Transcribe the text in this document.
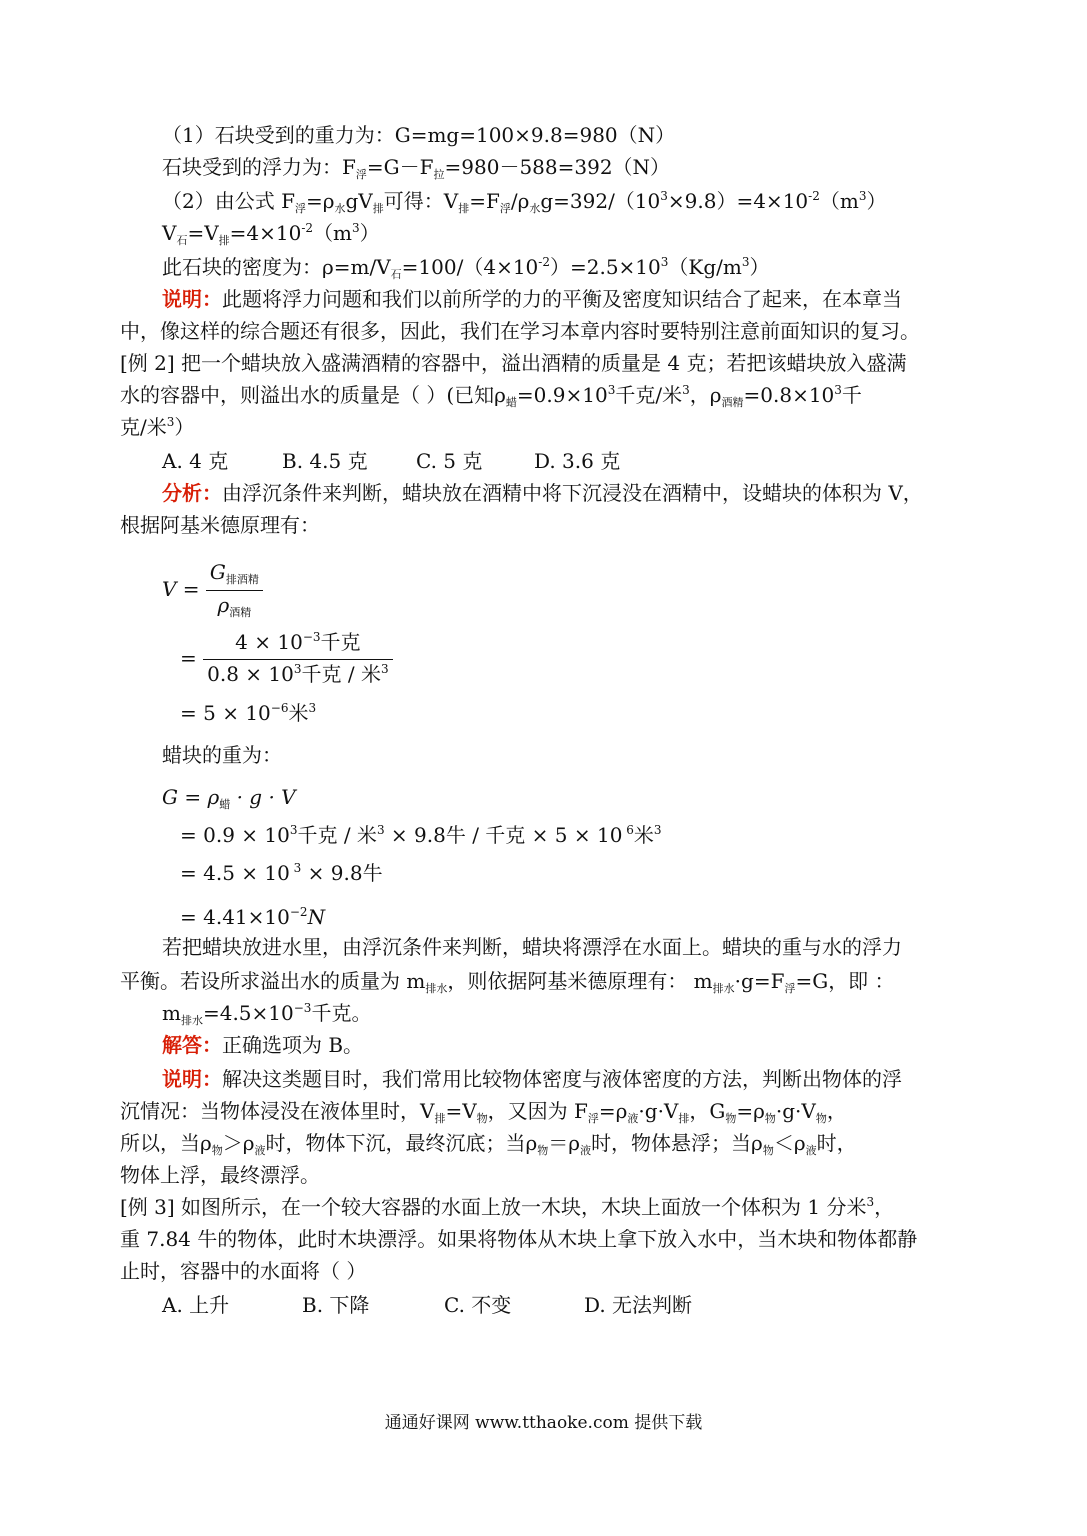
（1）石块受到的重力为：G=mg=100×9.8=980（N）
石块受到的浮力为：$F_浮=G-F_拉=980-588=392(N)$
（2）由公式 $F_浮=\rho_水gV_排$可得：$V_排=F_浮/\rho_水g=392/(10^3\times 9.8)=4\times 10^{-2}(m^3)$
$V_石=V_排=4\times 10^{-2}(m^3)$
此石块的密度为：$\rho=m/V_石=100/(4\times 10^{-2})=2.5\times 10^3(Kg/m^3)$
说明：此题将浮力问题和我们以前所学的力的平衡及密度知识结合了起来，在本章当
中，像这样的综合题还有很多，因此，我们在学习本章内容时要特别注意前面知识的复习。
[例 2] 把一个蜡块放入盛满酒精的容器中，溢出酒精的质量是 4 克；若把该蜡块放入盛满
水的容器中，则溢出水的质量是（ ）(已知$\rho_蜡=0.9\times 10^3$千克/米$^3$，$\rho_{酒精}=0.8\times 10^3$千
克/米$^3$）
A. 4 克	B. 4.5 克 C. 5 克	D. 3.6 克
分析：由浮沉条件来判断，蜡块放在酒精中将下沉浸没在酒精中，设蜡块的体积为 V，
根据阿基米德原理有：
$V = \frac{G_{排酒精}}{\rho_{酒精}}$
= $\frac{4 \times 10^{-3}千克}{0.8 \times 10^3千克 / 米^3}$
= $5 \times 10^{-6}$米$^3$
蜡块的重为：
$G = \rho_蜡 \cdot g \cdot V$
= $0.9 \times 10^3$千克 / 米$^3$ × 9.8牛 / 千克 × 5 × 10 $^6$米$^3$
= 4.5 × 10 $^3$ × 9.8牛
= $4.41\times 10^{-2}N$
若把蜡块放进水里，由浮沉条件来判断，蜡块将漂浮在水面上。蜡块的重与水的浮力
平衡。若设所求溢出水的质量为 $m_{排水}$，则依据阿基米德原理有： $m_{排水}\cdot g=F_浮=G$，即 ：
$m_{排水}=4.5\times 10^{-3}$千克。
解答：正确选项为 B。
说明：解决这类题目时，我们常用比较物体密度与液体密度的方法，判断出物体的浮
沉情况：当物体浸没在液体里时，$V_排=V_物$，又因为 $F_浮=\rho_液\cdot g\cdot V_排$，$G_物=\rho_物\cdot g\cdot V_物$，
所以，当$\rho_物>\rho_液$时，物体下沉，最终沉底；当$\rho_物=\rho_液$时，物体悬浮；当$\rho_物<\rho_液$时，
物体上浮，最终漂浮。
[例 3] 如图所示，在一个较大容器的水面上放一木块，木块上面放一个体积为 1 分米$^3$，
重 7.84 牛的物体，此时木块漂浮。如果将物体从木块上拿下放入水中，当木块和物体都静
止时，容器中的水面将（ ）
A. 上升	B. 下降	C. 不变	D. 无法判断
通通好课网 www.tthaoke.com 提供下载
